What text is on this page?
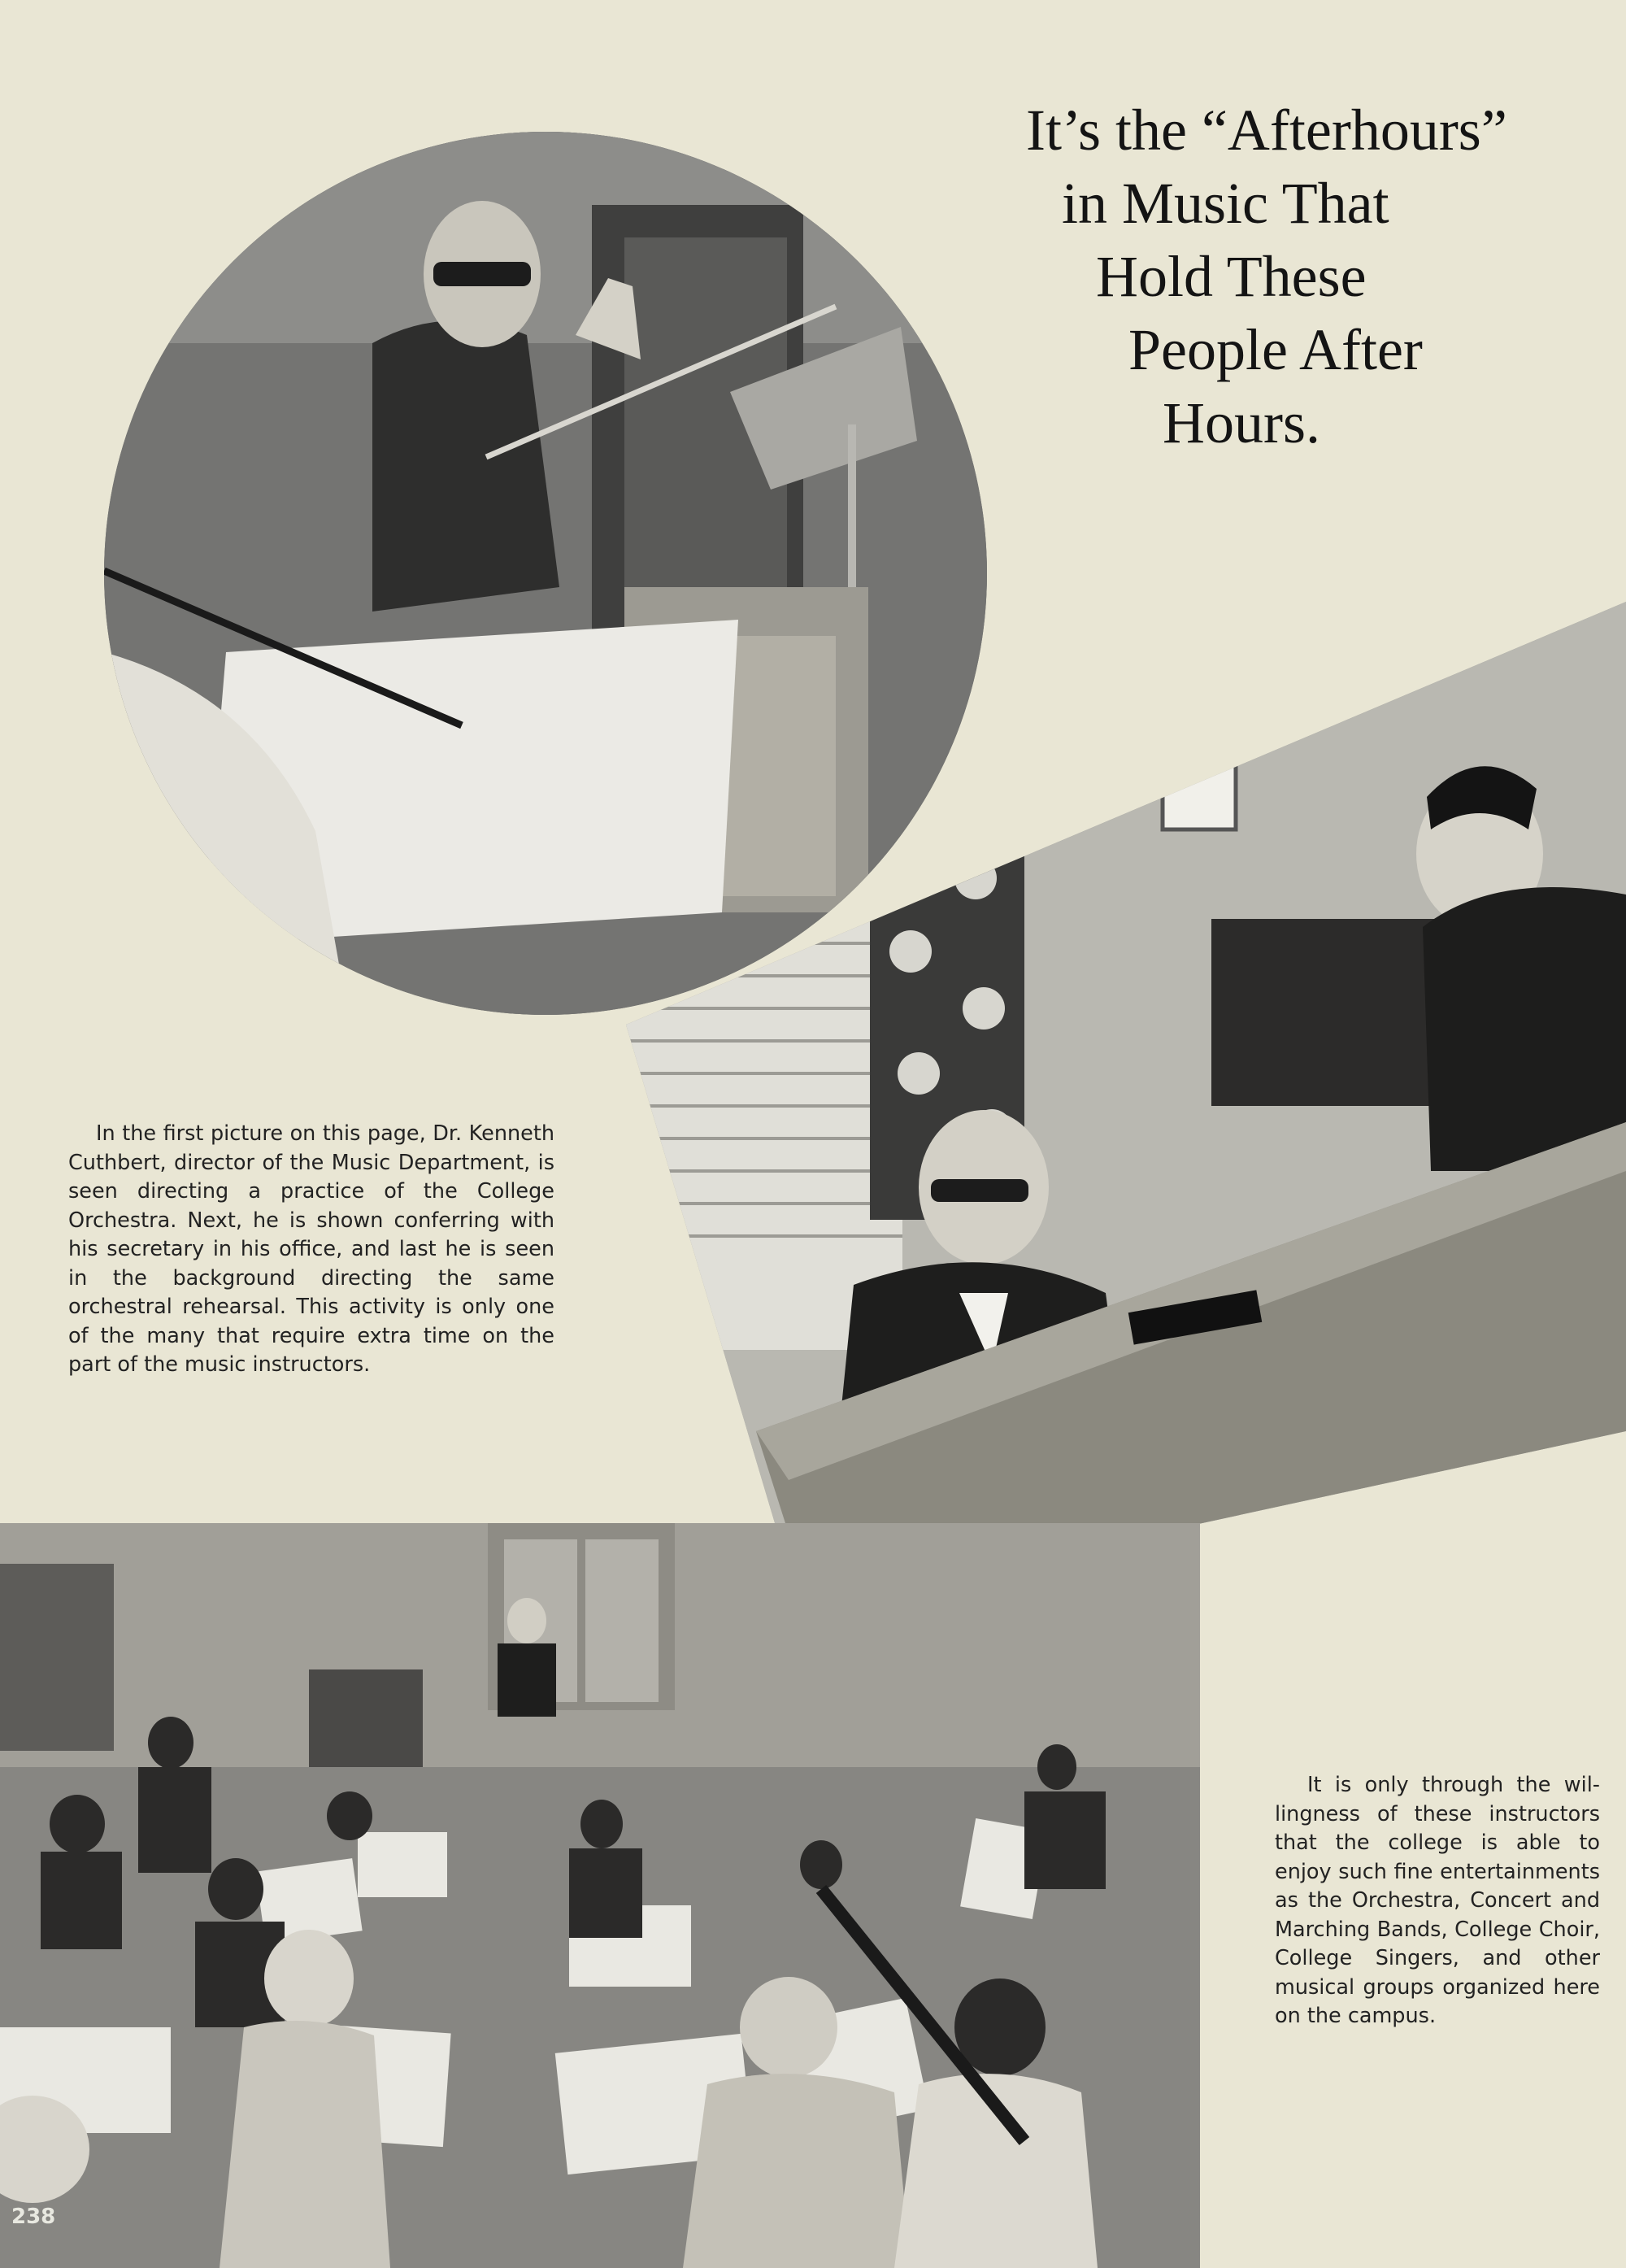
It’s the “Afterhours”
in Music That
Hold These
People After
Hours.
238

In the first picture on this page, Dr. Kenneth Cuthbert, director of the Music Department, is seen directing a practice of the College Orchestra. Next, he is shown conferring with his secretary in his office, and last he is seen in the background directing the same orchestral rehearsal. This activity is only one of the many that require extra time on the part of the music instructors.

It is only through the willingness of these instructors that the college is able to enjoy such fine entertainments as the Orchestra, Concert and Marching Bands, College Choir, College Singers, and other musical groups organized here on the campus.
